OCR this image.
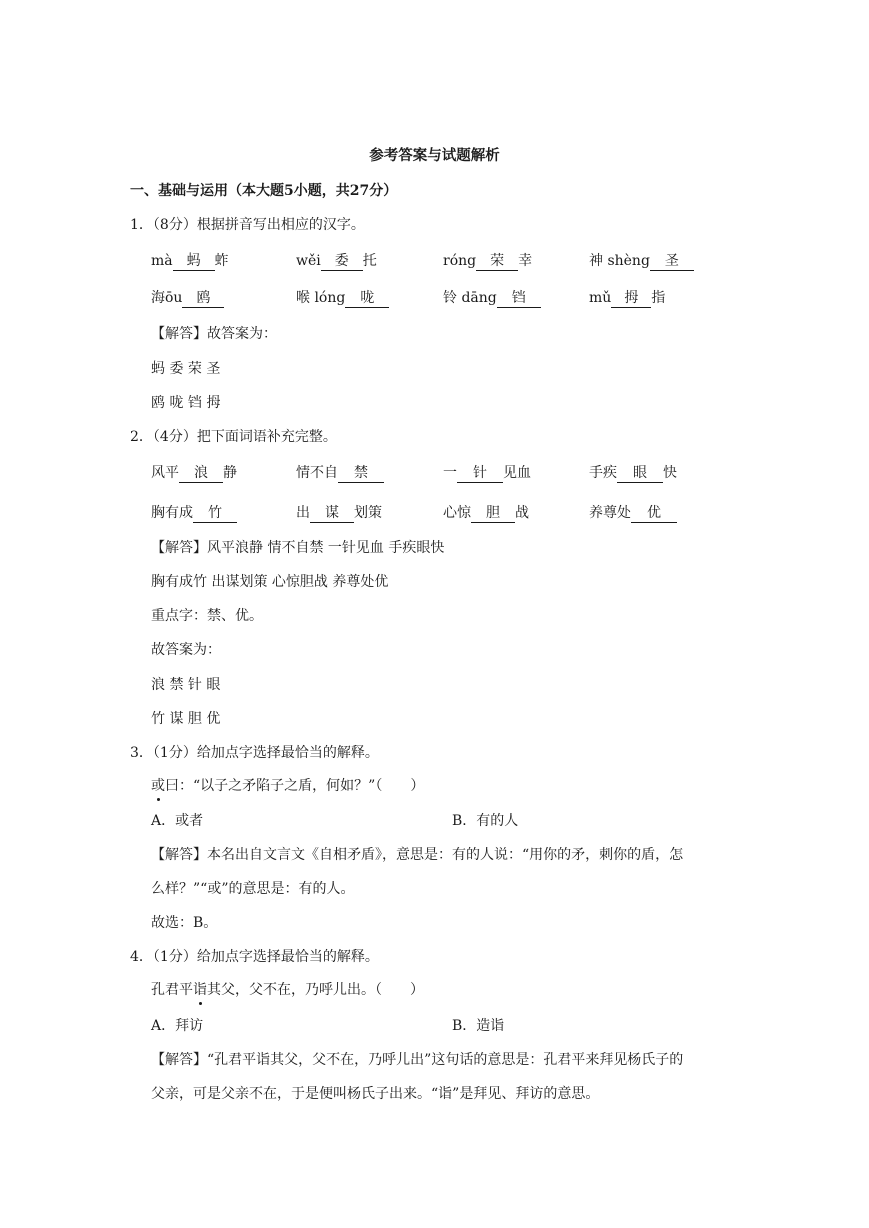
参考答案与试题解析
一、基础与运用（本大题5小题，共27分）
1．（8分）根据拼音写出相应的汉字。
mà 蚂 蚱	wěi 委 托	róng 荣 幸	神 shèng 圣
海ōu 鸥	喉 lóng 咙	铃 dāng 铛	mǔ 拇 指
【解答】故答案为：
蚂 委 荣 圣
鸥 咙 铛 拇
2．（4分）把下面词语补充完整。
风平 浪 静	情不自 禁	一 针 见血	手疾 眼 快
胸有成 竹	出 谋 划策	心惊 胆 战	养尊处 优
【解答】风平浪静 情不自禁 一针见血 手疾眼快
胸有成竹 出谋划策 心惊胆战 养尊处优
重点字：禁、优。
故答案为：
浪 禁 针 眼
竹 谋 胆 优
3．（1分）给加点字选择最恰当的解释。
或曰：“以子之矛陷子之盾，何如？”（　　）
A．或者	B．有的人
【解答】本名出自文言文《自相矛盾》，意思是：有的人说：“用你的矛，刺你的盾，怎
么样？”“或”的意思是：有的人。
故选：B。
4．（1分）给加点字选择最恰当的解释。
孔君平诣其父，父不在，乃呼儿出。（　　）
A．拜访	B．造诣
【解答】“孔君平诣其父，父不在，乃呼儿出”这句话的意思是：孔君平来拜见杨氏子的
父亲，可是父亲不在，于是便叫杨氏子出来。“诣”是拜见、拜访的意思。
